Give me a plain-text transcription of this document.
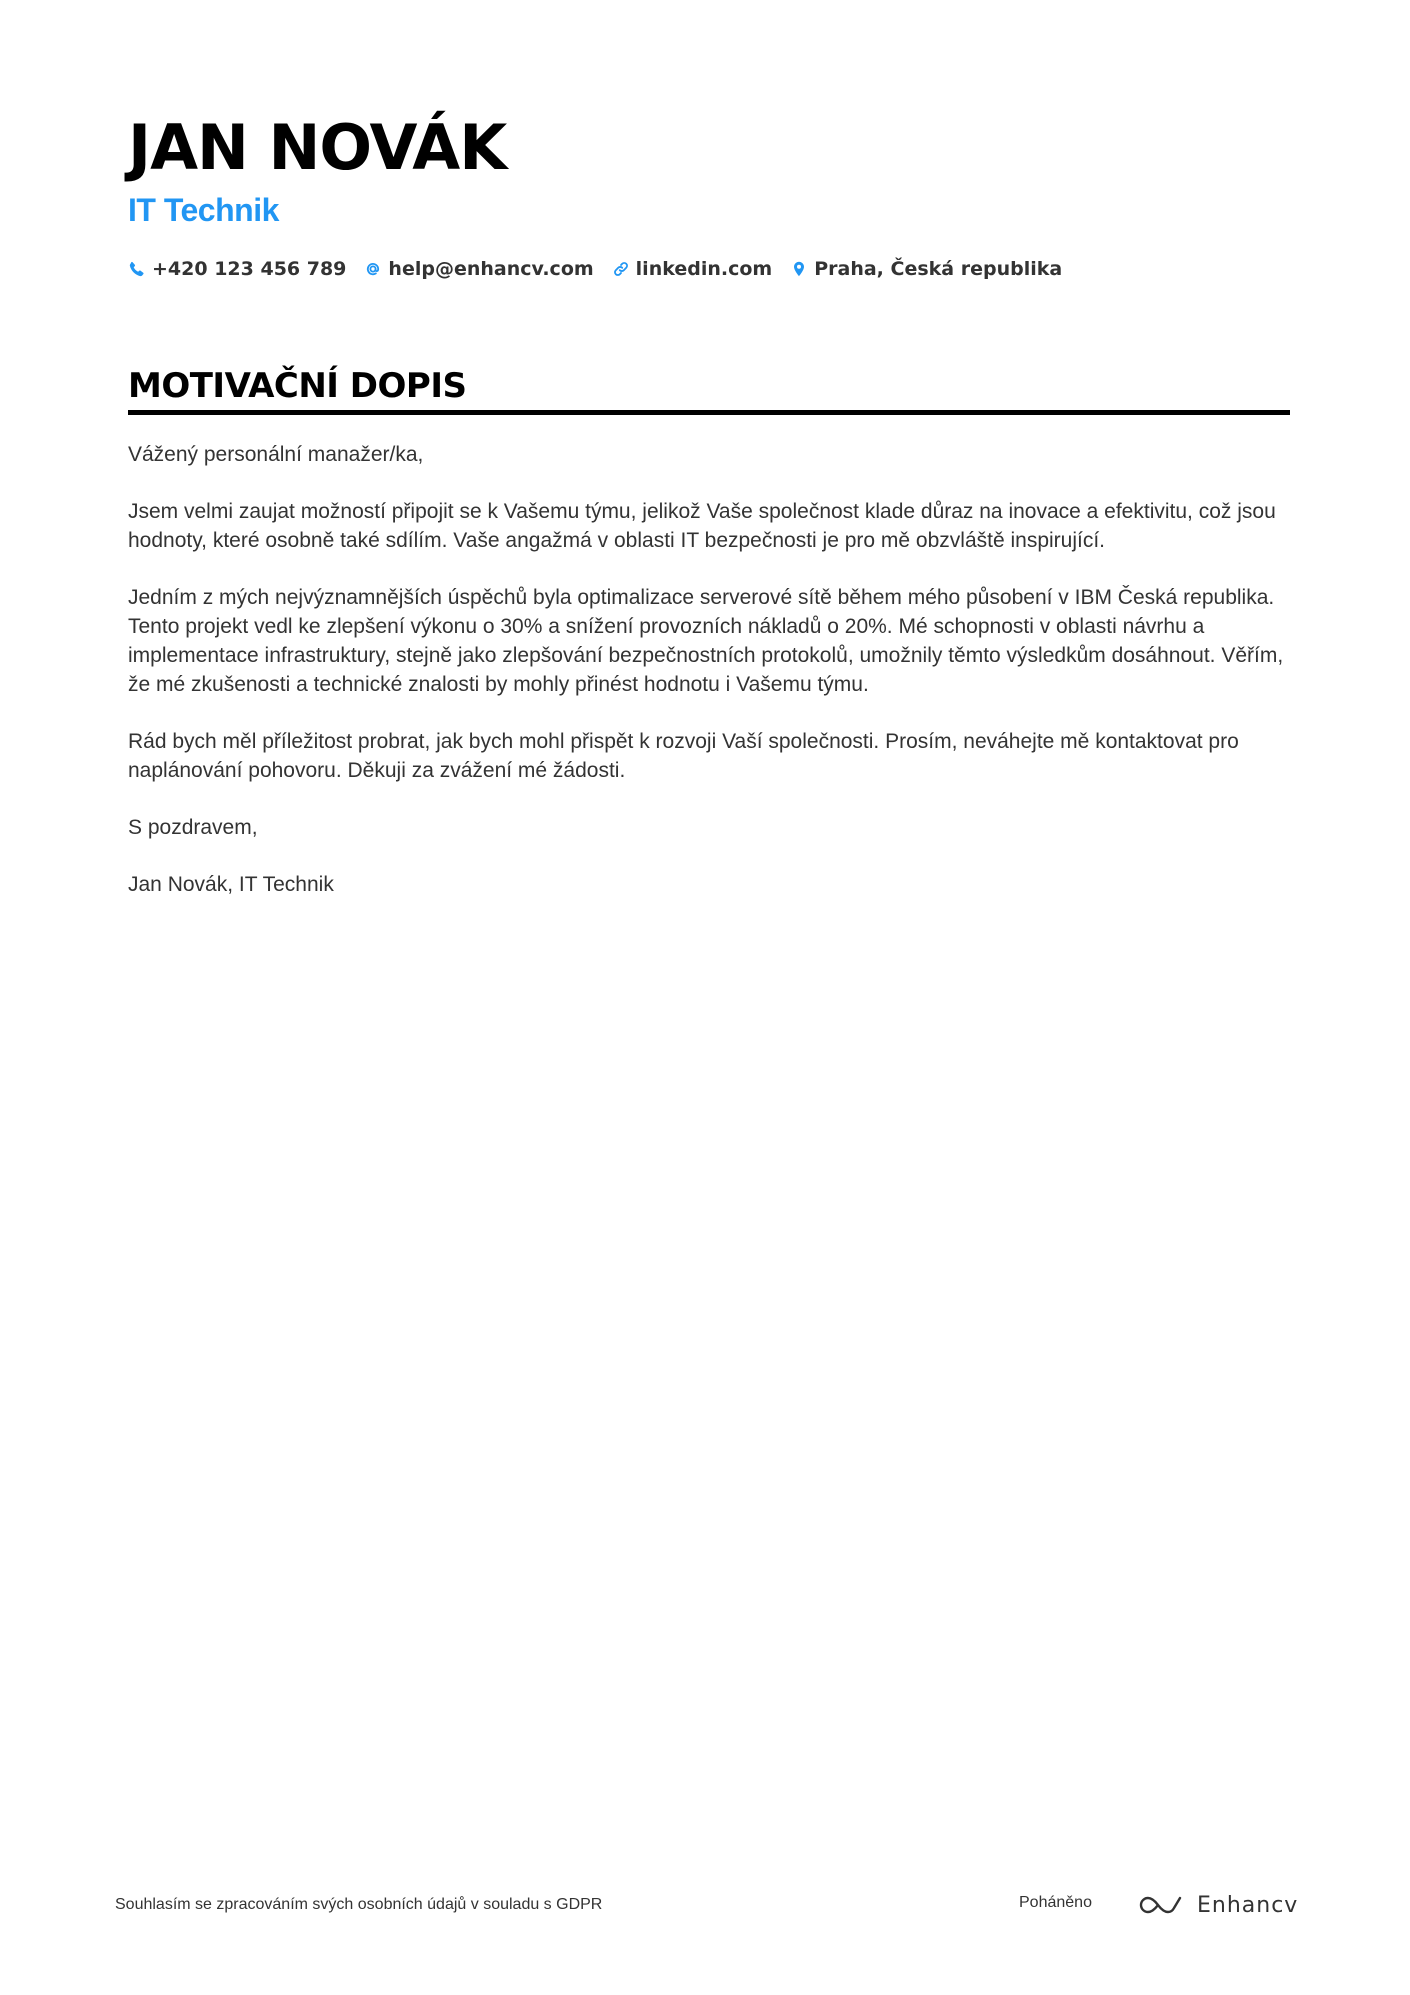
JAN NOVÁK
IT Technik
+420 123 456 789 help@enhancv.com linkedin.com Praha, Česká republika
MOTIVAČNÍ DOPIS

Vážený personální manažer/ka,

Jsem velmi zaujat možností připojit se k Vašemu týmu, jelikož Vaše společnost klade důraz na inovace a efektivitu, což jsou hodnoty, které osobně také sdílím. Vaše angažmá v oblasti IT bezpečnosti je pro mě obzvláště inspirující.

Jedním z mých nejvýznamnějších úspěchů byla optimalizace serverové sítě během mého působení v IBM Česká republika. Tento projekt vedl ke zlepšení výkonu o 30% a snížení provozních nákladů o 20%. Mé schopnosti v oblasti návrhu a implementace infrastruktury, stejně jako zlepšování bezpečnostních protokolů, umožnily těmto výsledkům dosáhnout. Věřím, že mé zkušenosti a technické znalosti by mohly přinést hodnotu i Vašemu týmu.

Rád bych měl příležitost probrat, jak bych mohl přispět k rozvoji Vaší společnosti. Prosím, neváhejte mě kontaktovat pro naplánování pohovoru. Děkuji za zvážení mé žádosti.

S pozdravem,

Jan Novák, IT Technik

Souhlasím se zpracováním svých osobních údajů v souladu s GDPR	Poháněno	Enhancv
